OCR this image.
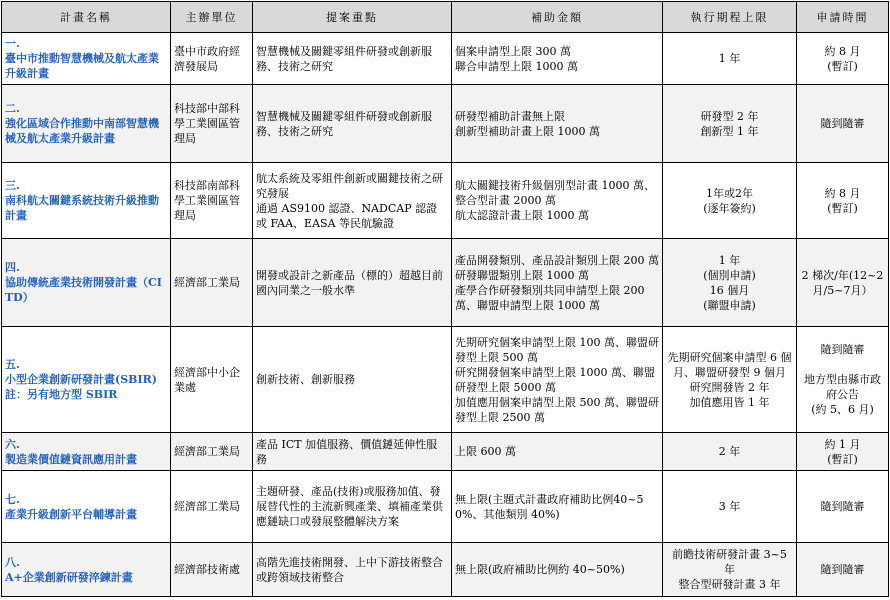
計畫名稱	主辦單位	提案重點	補助金額	執行期程上限	申請時間
一.
臺中市推動智慧機械及航太產業升級計畫	臺中市政府經濟發展局	智慧機械及關鍵零組件研發或創新服務、技術之研究	個案申請型上限 300 萬
聯合申請型上限 1000 萬	1 年	約 8 月
(暫訂)
二.
強化區域合作推動中南部智慧機械及航太產業升級計畫	科技部中部科學工業園區管理局	智慧機械及關鍵零組件研發或創新服務、技術之研究	研發型補助計畫無上限
創新型補助計畫上限 1000 萬	研發型 2 年
創新型 1 年	隨到隨審
三.
南科航太關鍵系統技術升級推動計畫	科技部南部科學工業園區管理局	航太系統及零組件創新或關鍵技術之研究發展
通過 AS9100 認證、NADCAP 認證或 FAA、EASA 等民航驗證	航太關鍵技術升級個別型計畫 1000 萬、整合型計畫 2000 萬
航太認證計畫上限 1000 萬	1年或2年
(逐年簽約)	約 8 月
(暫訂)
四.
協助傳統產業技術開發計畫（CITD）	經濟部工業局	開發或設計之新產品（標的）超越目前國內同業之一般水準	產品開發類別、產品設計類別上限 200 萬
研發聯盟類別上限 1000 萬
產學合作研發類別共同申請型上限 200 萬、聯盟申請型上限 1000 萬	1 年
(個別申請)
16 個月
(聯盟申請)	2 梯次/年(12~2月/5~7月）
五.
小型企業創新研發計畫(SBIR)
註：另有地方型 SBIR	經濟部中小企業處	創新技術、創新服務	先期研究個案申請型上限 100 萬、聯盟研發型上限 500 萬
研究開發個案申請型上限 1000 萬、聯盟研發型上限 5000 萬
加值應用個案申請型上限 500 萬、聯盟研發型上限 2500 萬	先期研究個案申請型 6 個月、聯盟研發型 9 個月
研究開發皆 2 年
加值應用皆 1 年	隨到隨審

地方型由縣市政府公告
(約 5、6 月)
六.
製造業價值鏈資訊應用計畫	經濟部工業局	產品 ICT 加值服務、價值鏈延伸性服務	上限 600 萬	2 年	約 1 月
(暫訂)
七.
產業升級創新平台輔導計畫	經濟部工業局	主題研發、產品(技術)或服務加值、發展替代性的主流新興產業、填補產業供應鏈缺口或發展整體解決方案	無上限(主題式計畫政府補助比例40~50%、其他類別 40%)	3 年	隨到隨審
八.
A+企業創新研發淬鍊計畫	經濟部技術處	高階先進技術開發、上中下游技術整合或跨領域技術整合	無上限(政府補助比例約 40~50%)	前瞻技術研發計畫 3~5 年
整合型研發計畫 3 年	隨到隨審
